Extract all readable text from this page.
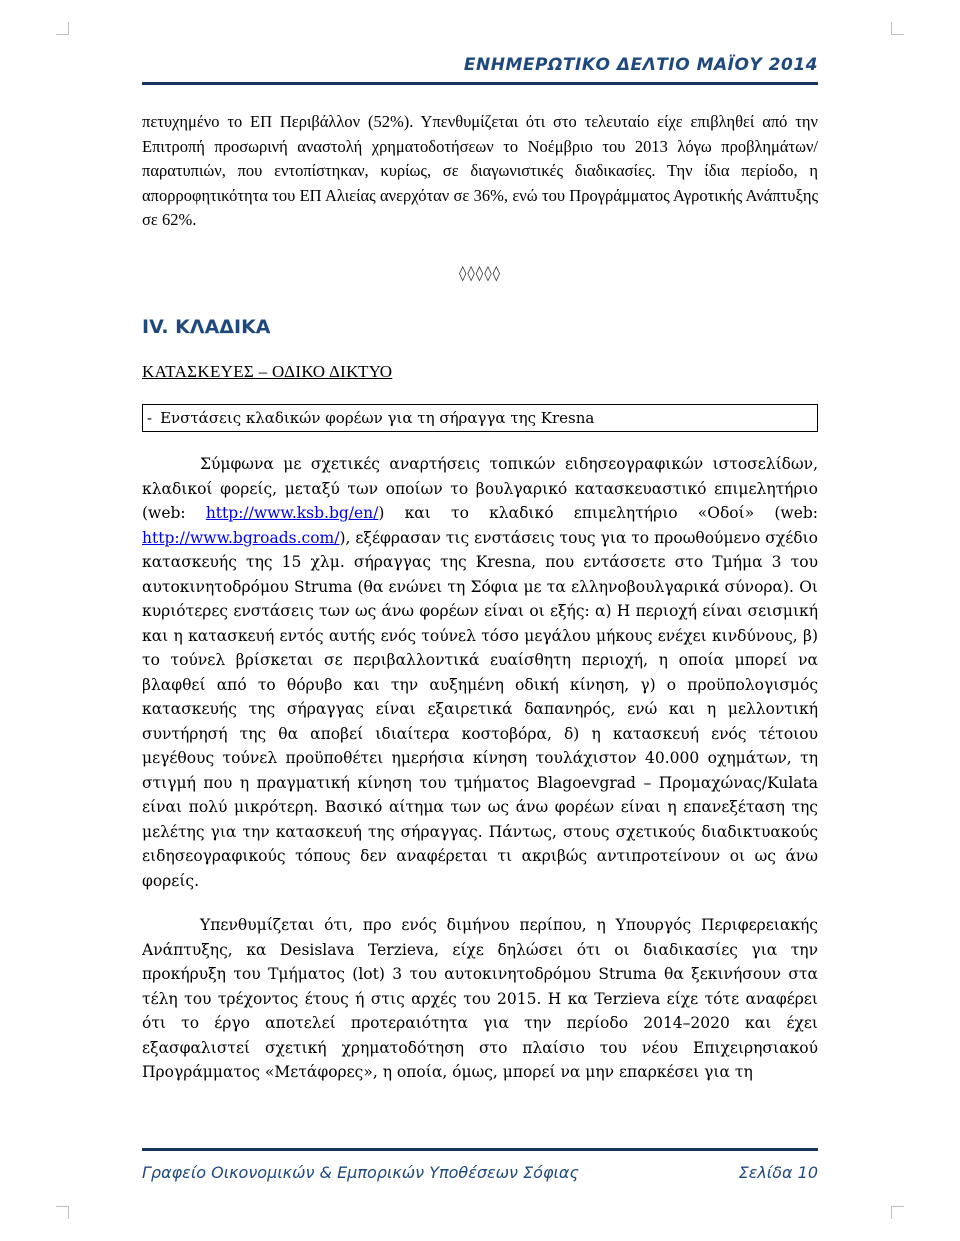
ΕΝΗΜΕΡΩΤΙΚΟ ΔΕΛΤΙΟ ΜΑΪΟΥ 2014

πετυχημένο το ΕΠ Περιβάλλον (52%). Υπενθυμίζεται ότι στο τελευταίο είχε επιβληθεί από την Επιτροπή προσωρινή αναστολή χρηματοδοτήσεων το Νοέμβριο του 2013 λόγω προβλημάτων/παρατυπιών, που εντοπίστηκαν, κυρίως, σε διαγωνιστικές διαδικασίες. Την ίδια περίοδο, η απορροφητικότητα του ΕΠ Αλιείας ανερχόταν σε 36%, ενώ του Προγράμματος Αγροτικής Ανάπτυξης σε 62%.

◊◊◊◊◊
IV. ΚΛΑΔΙΚΑ
ΚΑΤΑΣΚΕΥΕΣ – ΟΔΙΚΟ ΔΙΚΤΥΟ
- Ενστάσεις κλαδικών φορέων για τη σήραγγα της Kresna

Σύμφωνα με σχετικές αναρτήσεις τοπικών ειδησεογραφικών ιστοσελίδων, κλαδικοί φορείς, μεταξύ των οποίων το βουλγαρικό κατασκευαστικό επιμελητήριο (web: http://www.ksb.bg/en/) και το κλαδικό επιμελητήριο «Οδοί» (web: http://www.bgroads.com/), εξέφρασαν τις ενστάσεις τους για το προωθούμενο σχέδιο κατασκευής της 15 χλμ. σήραγγας της Kresna, που εντάσσετε στο Τμήμα 3 του αυτοκινητοδρόμου Struma (θα ενώνει τη Σόφια με τα ελληνοβουλγαρικά σύνορα). Οι κυριότερες ενστάσεις των ως άνω φορέων είναι οι εξής: α) Η περιοχή είναι σεισμική και η κατασκευή εντός αυτής ενός τούνελ τόσο μεγάλου μήκους ενέχει κινδύνους, β) το τούνελ βρίσκεται σε περιβαλλοντικά ευαίσθητη περιοχή, η οποία μπορεί να βλαφθεί από το θόρυβο και την αυξημένη οδική κίνηση, γ) ο προϋπολογισμός κατασκευής της σήραγγας είναι εξαιρετικά δαπανηρός, ενώ και η μελλοντική συντήρησή της θα αποβεί ιδιαίτερα κοστοβόρα, δ) η κατασκευή ενός τέτοιου μεγέθους τούνελ προϋποθέτει ημερήσια κίνηση τουλάχιστον 40.000 οχημάτων, τη στιγμή που η πραγματική κίνηση του τμήματος Blagoevgrad – Προμαχώνας/Kulata είναι πολύ μικρότερη. Βασικό αίτημα των ως άνω φορέων είναι η επανεξέταση της μελέτης για την κατασκευή της σήραγγας. Πάντως, στους σχετικούς διαδικτυακούς ειδησεογραφικούς τόπους δεν αναφέρεται τι ακριβώς αντιπροτείνουν οι ως άνω φορείς.

Υπενθυμίζεται ότι, προ ενός διμήνου περίπου, η Υπουργός Περιφερειακής Ανάπτυξης, κα Desislava Terzieva, είχε δηλώσει ότι οι διαδικασίες για την προκήρυξη του Τμήματος (lot) 3 του αυτοκινητοδρόμου Struma θα ξεκινήσουν στα τέλη του τρέχοντος έτους ή στις αρχές του 2015. Η κα Terzieva είχε τότε αναφέρει ότι το έργο αποτελεί προτεραιότητα για την περίοδο 2014–2020 και έχει εξασφαλιστεί σχετική χρηματοδότηση στο πλαίσιο του νέου Επιχειρησιακού Προγράμματος «Μετάφορες», η οποία, όμως, μπορεί να μην επαρκέσει για τη

Γραφείο Οικονομικών & Εμπορικών Υποθέσεων Σόφιας	Σελίδα 10
